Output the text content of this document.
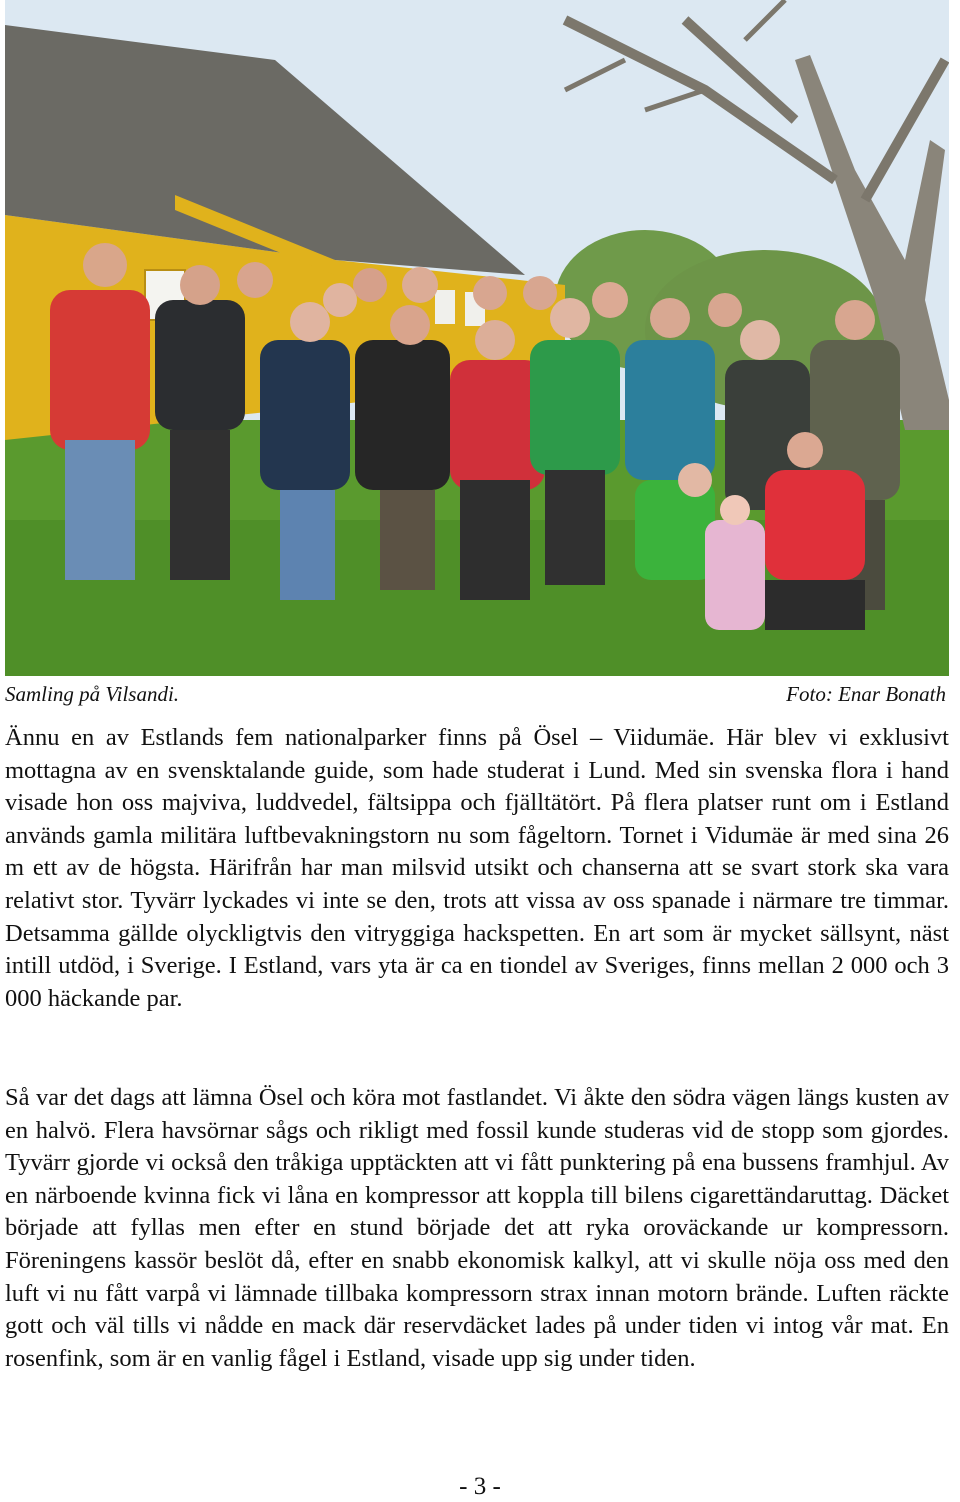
Samling på Vilsandi.	Foto: Enar Bonath

Ännu en av Estlands fem nationalparker finns på Ösel – Viidumäe. Här blev vi exklusivt mottagna av en svensktalande guide, som hade studerat i Lund. Med sin svenska flora i hand visade hon oss majviva, luddvedel, fältsippa och fjälltätört. På flera platser runt om i Estland används gamla militära luftbevakningstorn nu som fågeltorn. Tornet i Vidumäe är med sina 26 m ett av de högsta. Härifrån har man milsvid utsikt och chanserna att se svart stork ska vara relativt stor. Tyvärr lyckades vi inte se den, trots att vissa av oss spanade i närmare tre timmar. Detsamma gällde olyckligtvis den vitryggiga hackspetten. En art som är mycket sällsynt, näst intill utdöd, i Sverige. I Estland, vars yta är ca en tiondel av Sveriges, finns mellan 2 000 och 3 000 häckande par.

Så var det dags att lämna Ösel och köra mot fastlandet. Vi åkte den södra vägen längs kusten av en halvö. Flera havsörnar sågs och rikligt med fossil kunde studeras vid de stopp som gjordes. Tyvärr gjorde vi också den tråkiga upptäckten att vi fått punktering på ena bussens framhjul. Av en närboende kvinna fick vi låna en kompressor att koppla till bilens cigarettändaruttag. Däcket började att fyllas men efter en stund började det att ryka oroväckande ur kompressorn. Föreningens kassör beslöt då, efter en snabb ekonomisk kalkyl, att vi skulle nöja oss med den luft vi nu fått varpå vi lämnade tillbaka kompressorn strax innan motorn brände. Luften räckte gott och väl tills vi nådde en mack där reservdäcket lades på under tiden vi intog vår mat. En rosenfink, som är en vanlig fågel i Estland, visade upp sig under tiden.

- 3 -
